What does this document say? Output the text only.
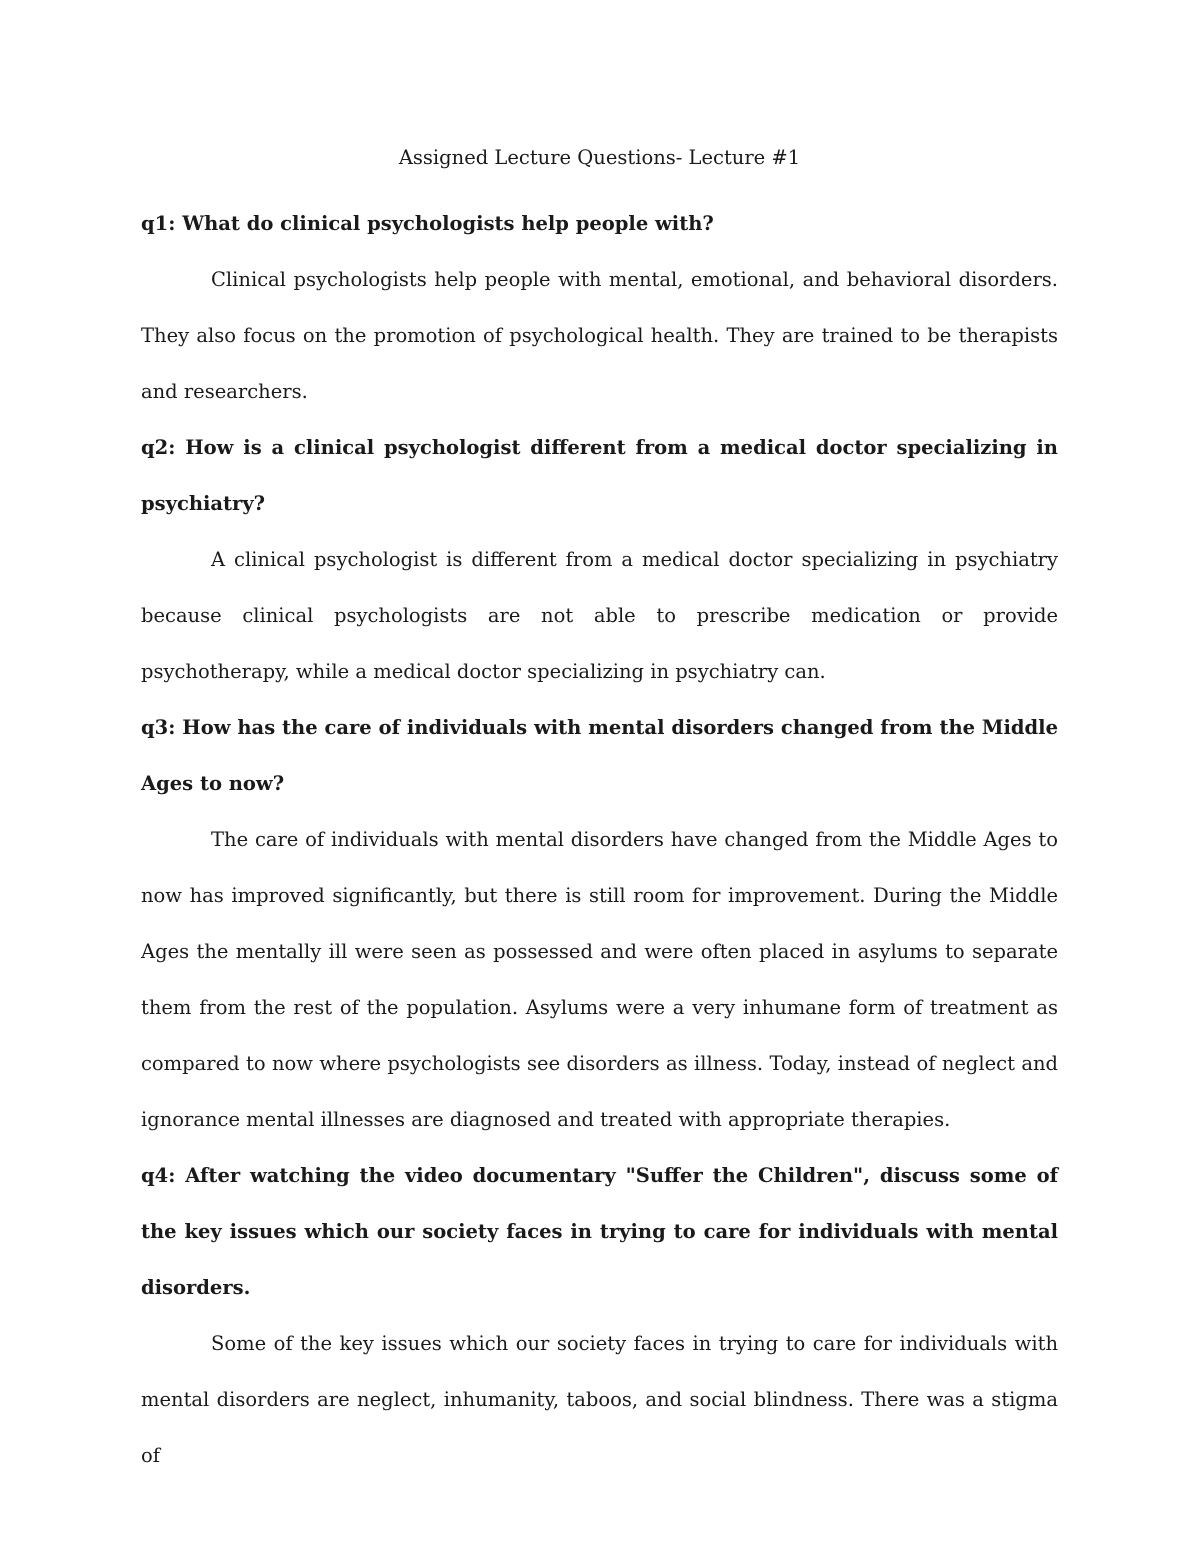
Assigned Lecture Questions- Lecture #1

q1: What do clinical psychologists help people with?

Clinical psychologists help people with mental, emotional, and behavioral disorders. They also focus on the promotion of psychological health. They are trained to be therapists and researchers.

q2: How is a clinical psychologist different from a medical doctor specializing in psychiatry?

A clinical psychologist is different from a medical doctor specializing in psychiatry because clinical psychologists are not able to prescribe medication or provide psychotherapy, while a medical doctor specializing in psychiatry can.

q3: How has the care of individuals with mental disorders changed from the Middle Ages to now?

The care of individuals with mental disorders have changed from the Middle Ages to now has improved significantly, but there is still room for improvement. During the Middle Ages the mentally ill were seen as possessed and were often placed in asylums to separate them from the rest of the population. Asylums were a very inhumane form of treatment as compared to now where psychologists see disorders as illness. Today, instead of neglect and ignorance mental illnesses are diagnosed and treated with appropriate therapies.

q4: After watching the video documentary "Suffer the Children", discuss some of the key issues which our society faces in trying to care for individuals with mental disorders.

Some of the key issues which our society faces in trying to care for individuals with mental disorders are neglect, inhumanity, taboos, and social blindness. There was a stigma of
